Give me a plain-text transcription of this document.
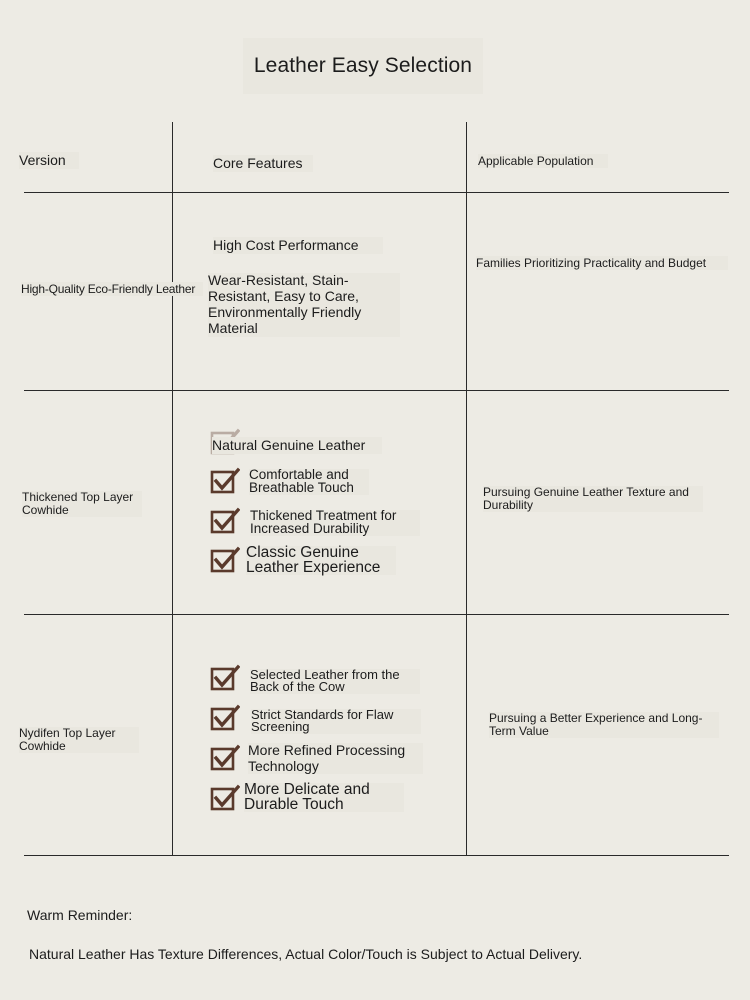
Leather Easy Selection
Version	Core Features	Applicable Population
High-Quality Eco-Friendly Leather
High Cost Performance
Wear-Resistant, Stain-Resistant, Easy to Care, Environmentally Friendly Material
Families Prioritizing Practicality and Budget
Thickened Top Layer Cowhide
Natural Genuine Leather
Comfortable and Breathable Touch
Thickened Treatment for Increased Durability
Classic Genuine Leather Experience
Pursuing Genuine Leather Texture and Durability
Nydifen Top Layer Cowhide
Selected Leather from the Back of the Cow
Strict Standards for Flaw Screening
More Refined Processing Technology
More Delicate and Durable Touch
Pursuing a Better Experience and Long-Term Value
Warm Reminder:
Natural Leather Has Texture Differences, Actual Color/Touch is Subject to Actual Delivery.
